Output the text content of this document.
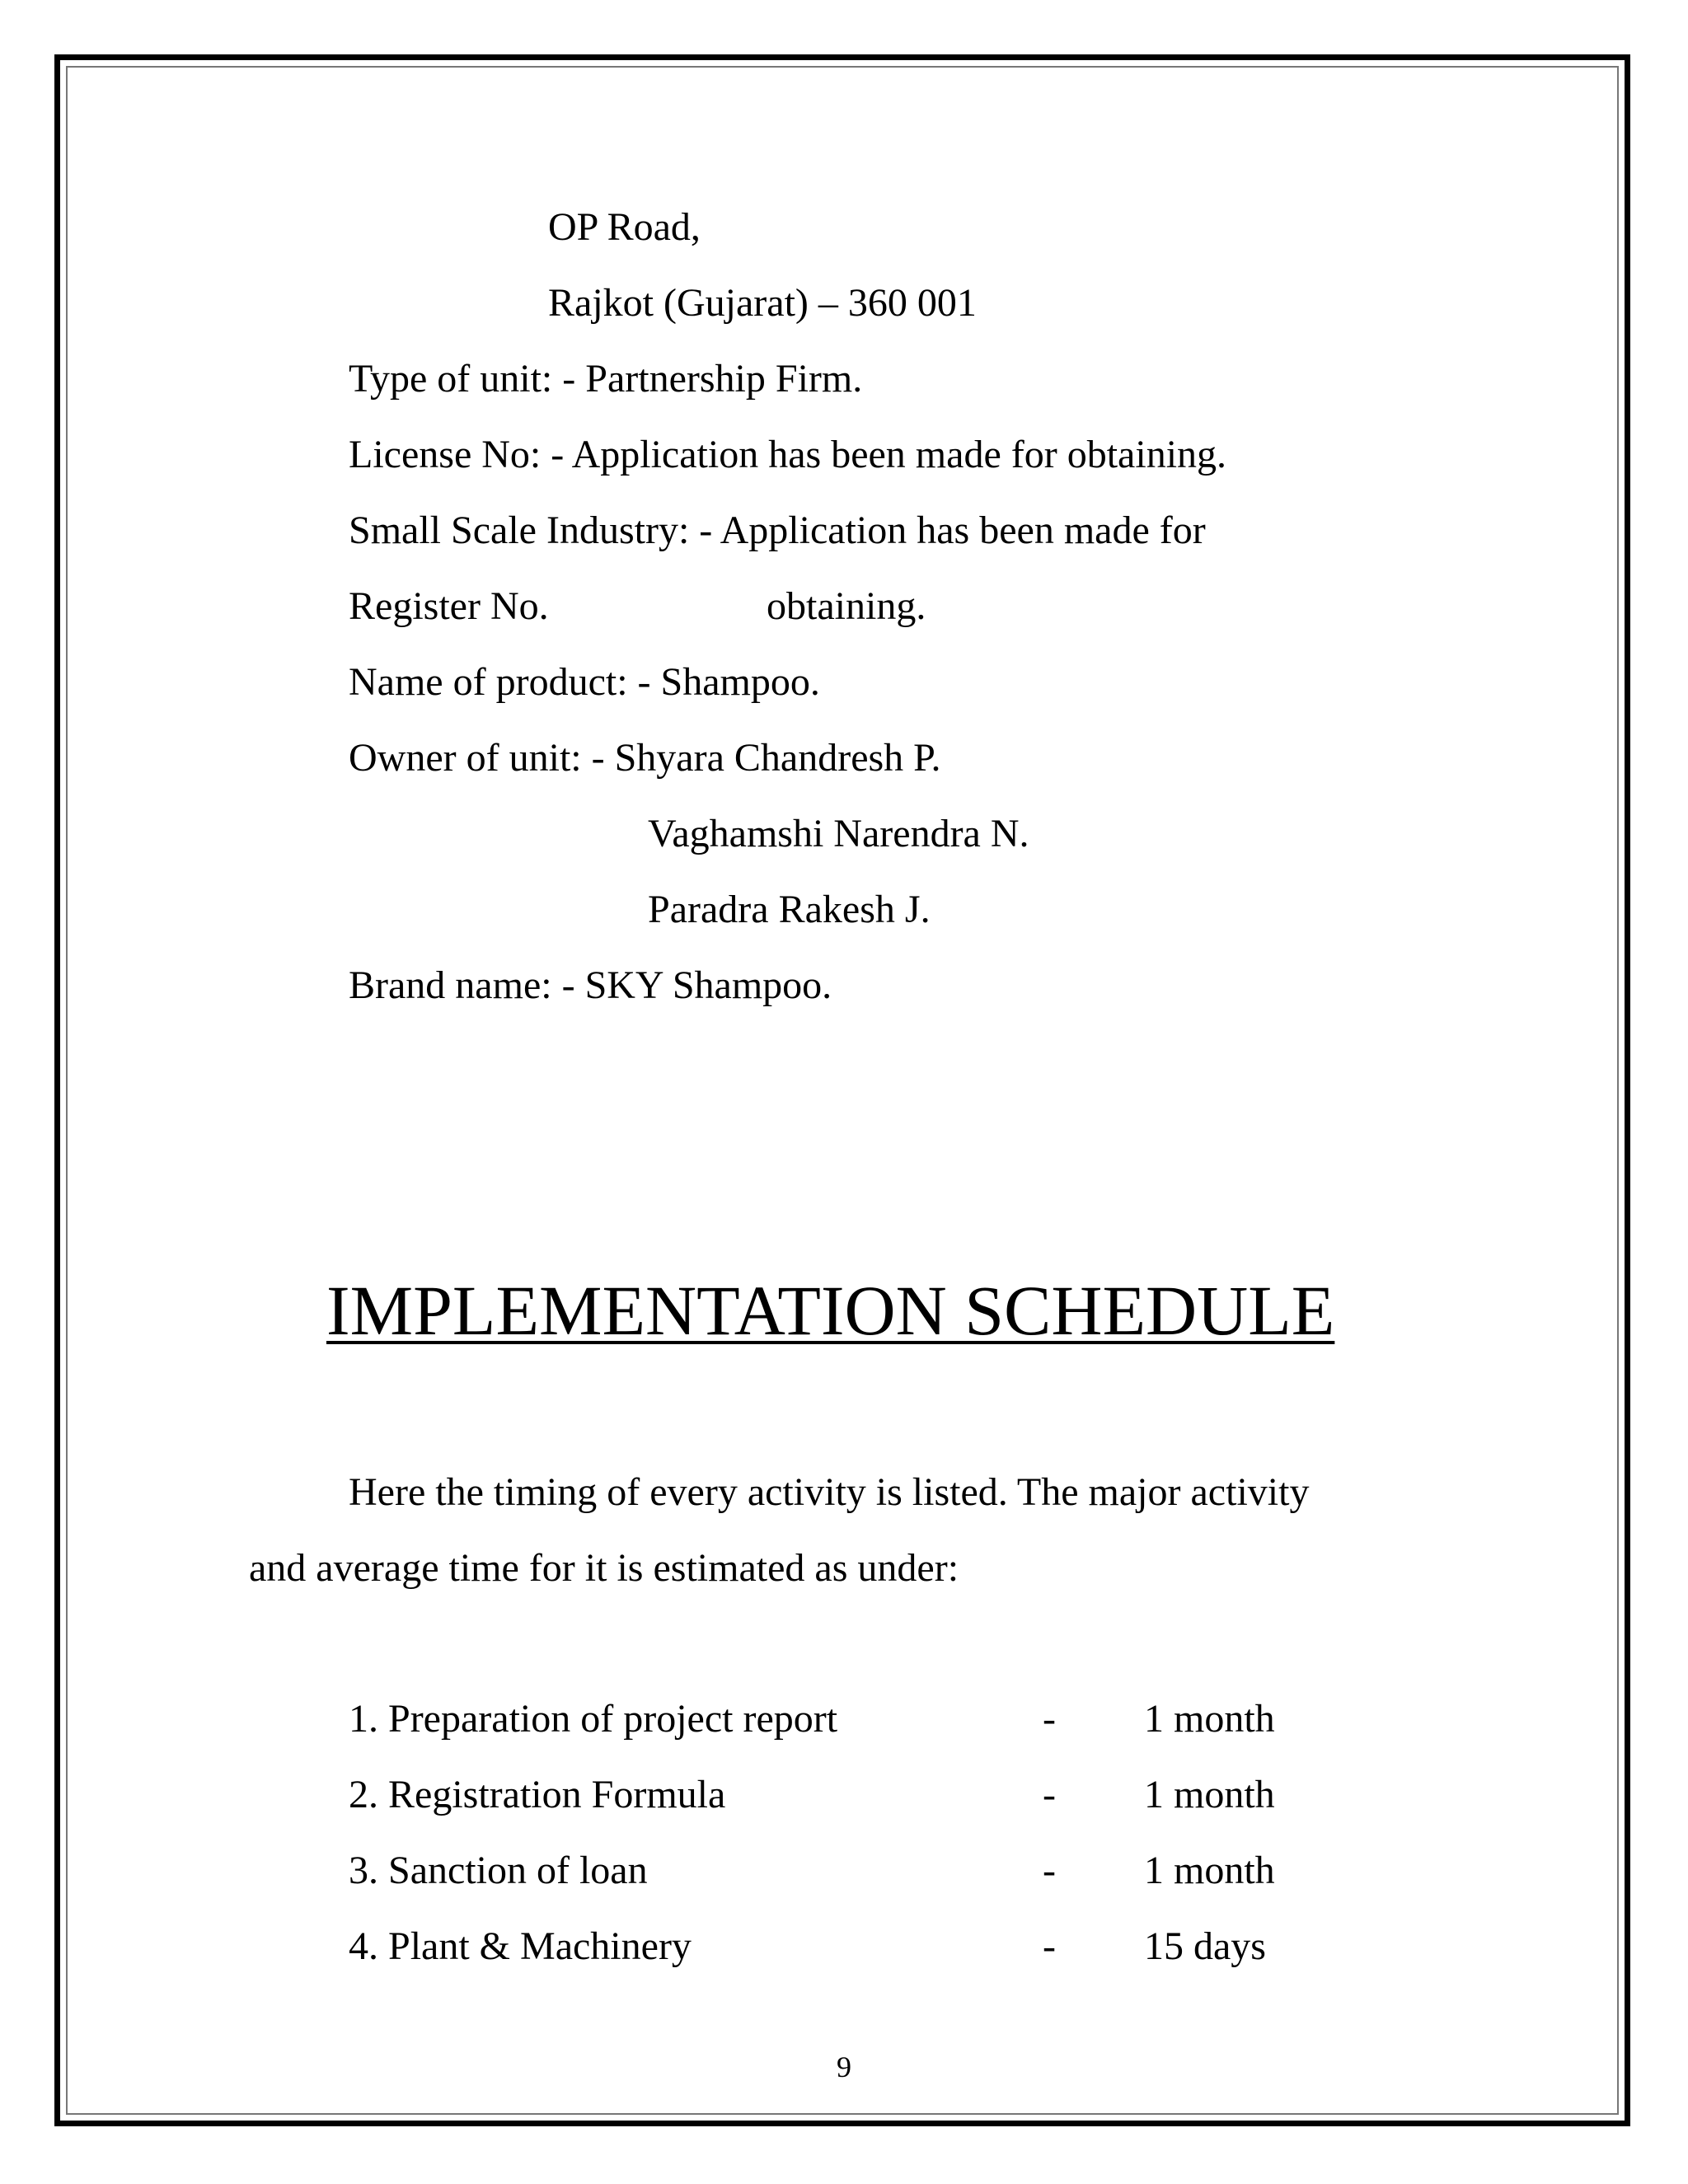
OP Road,
Rajkot (Gujarat) – 360 001
Type of unit: - Partnership Firm.
License No: - Application has been made for obtaining.
Small Scale Industry: - Application has been made for
Register No.	obtaining.
Name of product: - Shampoo.
Owner of unit: - Shyara Chandresh P.
Vaghamshi Narendra N.
Paradra Rakesh J.
Brand name: - SKY Shampoo.
IMPLEMENTATION SCHEDULE
Here the timing of every activity is listed. The major activity
and average time for it is estimated as under:
1. Preparation of project report	- 1 month
2. Registration Formula	- 1 month
3. Sanction of loan	- 1 month
4. Plant & Machinery	- 15 days
9
